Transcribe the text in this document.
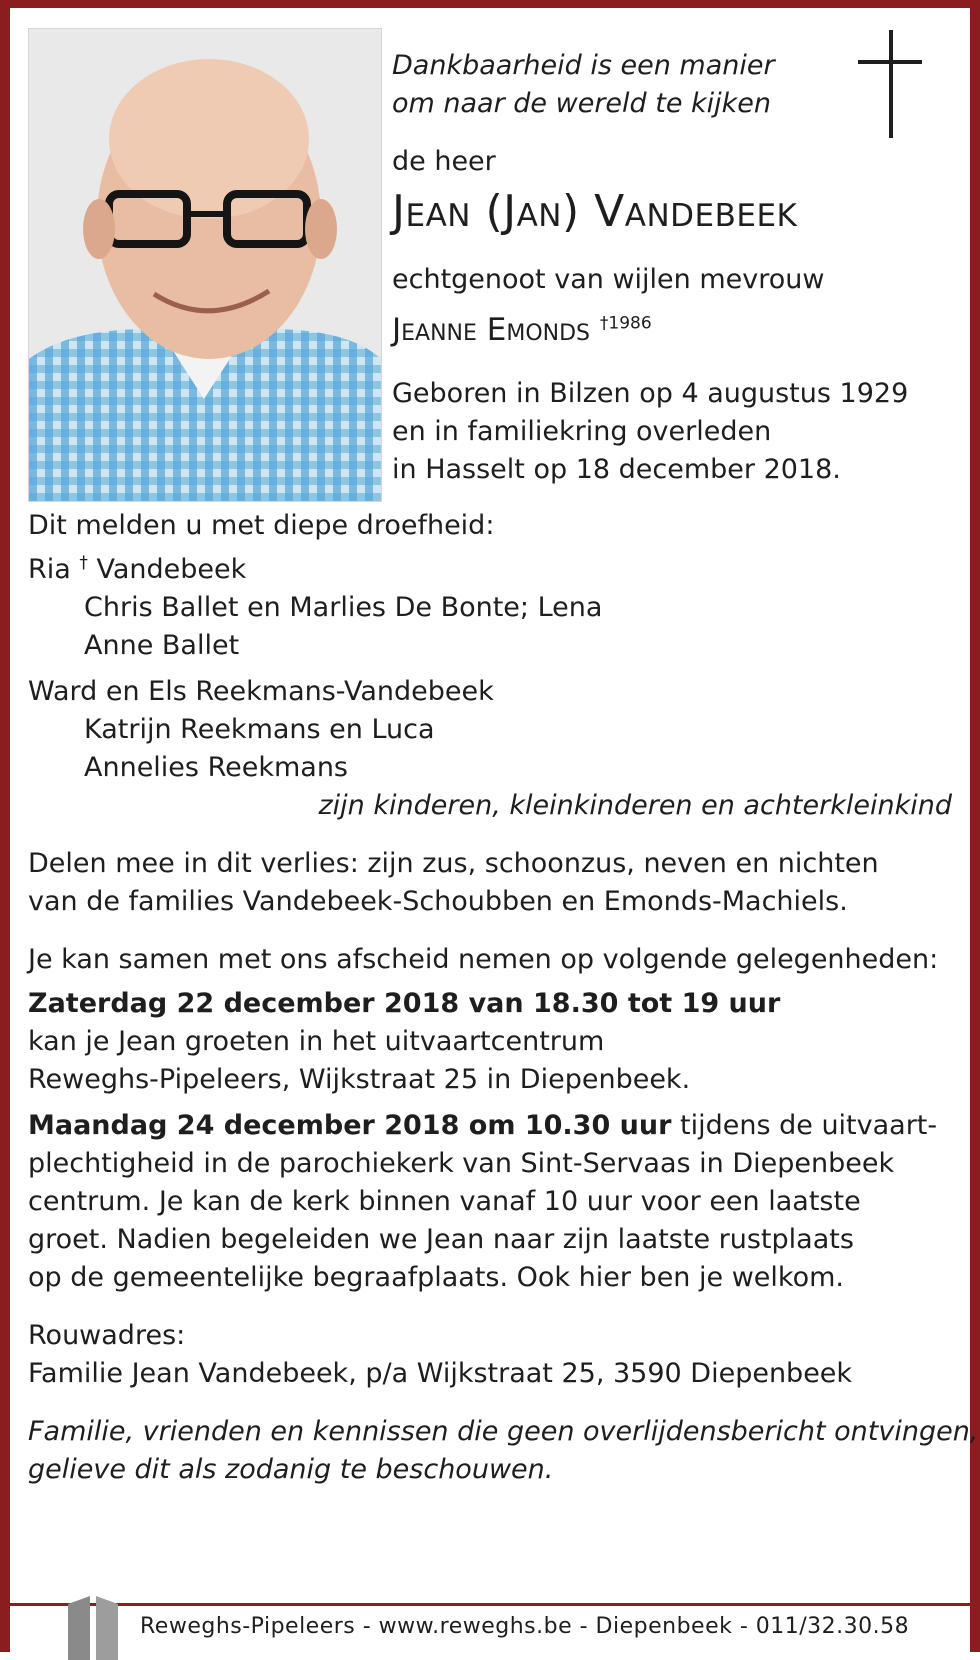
Dankbaarheid is een manier

om naar de wereld te kijken

de heer

Jean (Jan) Vandebeek

echtgenoot van wijlen mevrouw

Jeanne Emonds $^{\dagger 1986}$

Geboren in Bilzen op 4 augustus 1929

en in familiekring overleden

in Hasselt op 18 december 2018.

Dit melden u met diepe droefheid:

Ria † Vandebeek

Chris Ballet en Marlies De Bonte; Lena

Anne Ballet

Ward en Els Reekmans-Vandebeek

Katrijn Reekmans en Luca

Annelies Reekmans

zijn kinderen, kleinkinderen en achterkleinkind

Delen mee in dit verlies: zijn zus, schoonzus, neven en nichten

van de families Vandebeek-Schoubben en Emonds-Machiels.

Je kan samen met ons afscheid nemen op volgende gelegenheden:

Zaterdag 22 december 2018 van 18.30 tot 19 uur

kan je Jean groeten in het uitvaartcentrum

Reweghs-Pipeleers, Wijkstraat 25 in Diepenbeek.

Maandag 24 december 2018 om 10.30 uur tijdens de uitvaart-

plechtigheid in de parochiekerk van Sint-Servaas in Diepenbeek

centrum. Je kan de kerk binnen vanaf 10 uur voor een laatste

groet. Nadien begeleiden we Jean naar zijn laatste rustplaats

op de gemeentelijke begraafplaats. Ook hier ben je welkom.

Rouwadres:

Familie Jean Vandebeek, p/a Wijkstraat 25, 3590 Diepenbeek

Familie, vrienden en kennissen die geen overlijdensbericht ontvingen,

gelieve dit als zodanig te beschouwen.

Reweghs-Pipeleers - www.reweghs.be - Diepenbeek - 011/32.30.58
